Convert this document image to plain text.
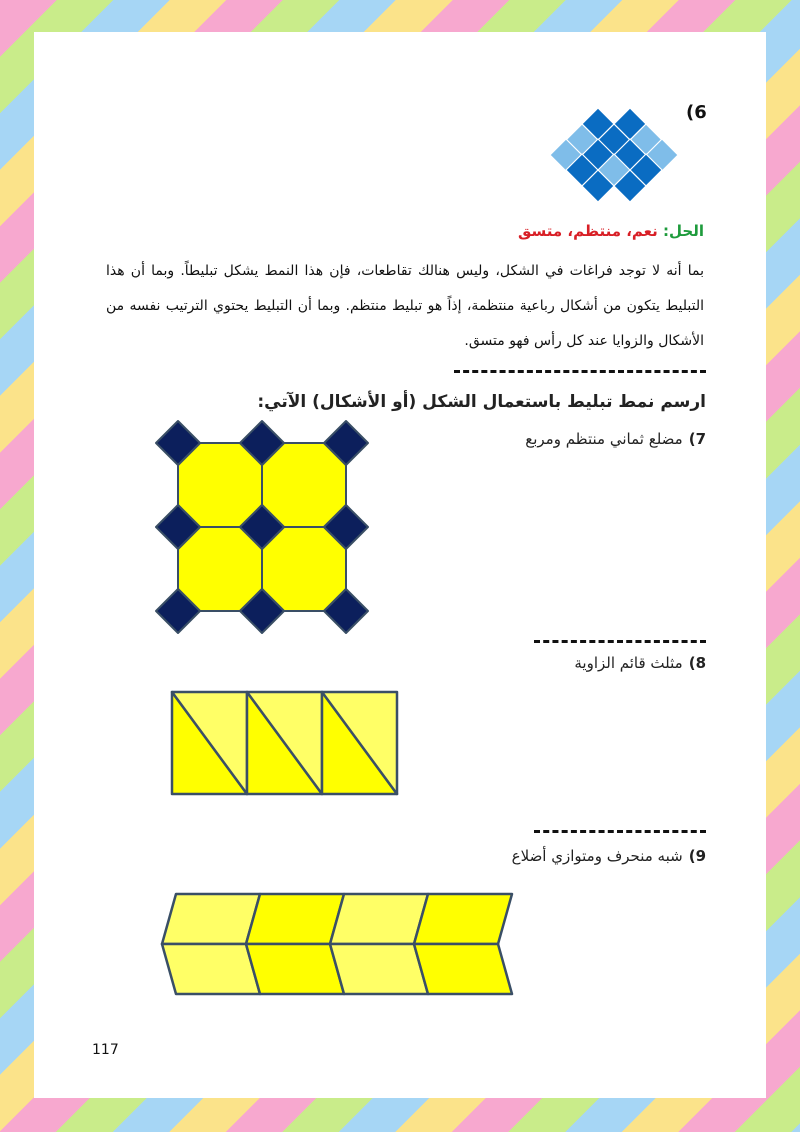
(6
الحل: نعم، منتظم، متسق
بما أنه لا توجد فراغات في الشكل، وليس هنالك تقاطعات، فإن هذا النمط يشكل تبليطاً. وبما أن هذا التبليط يتكون من أشكال رباعية منتظمة، إذاً هو تبليط منتظم. وبما أن التبليط يحتوي الترتيب نفسه من الأشكال والزوايا عند كل رأس فهو متسق.
ارسم نمط تبليط باستعمال الشكل (أو الأشكال) الآتي:
7)مضلع ثماني منتظم ومربع
8)مثلث قائم الزاوية
9)شبه منحرف ومتوازي أضلاع
117
